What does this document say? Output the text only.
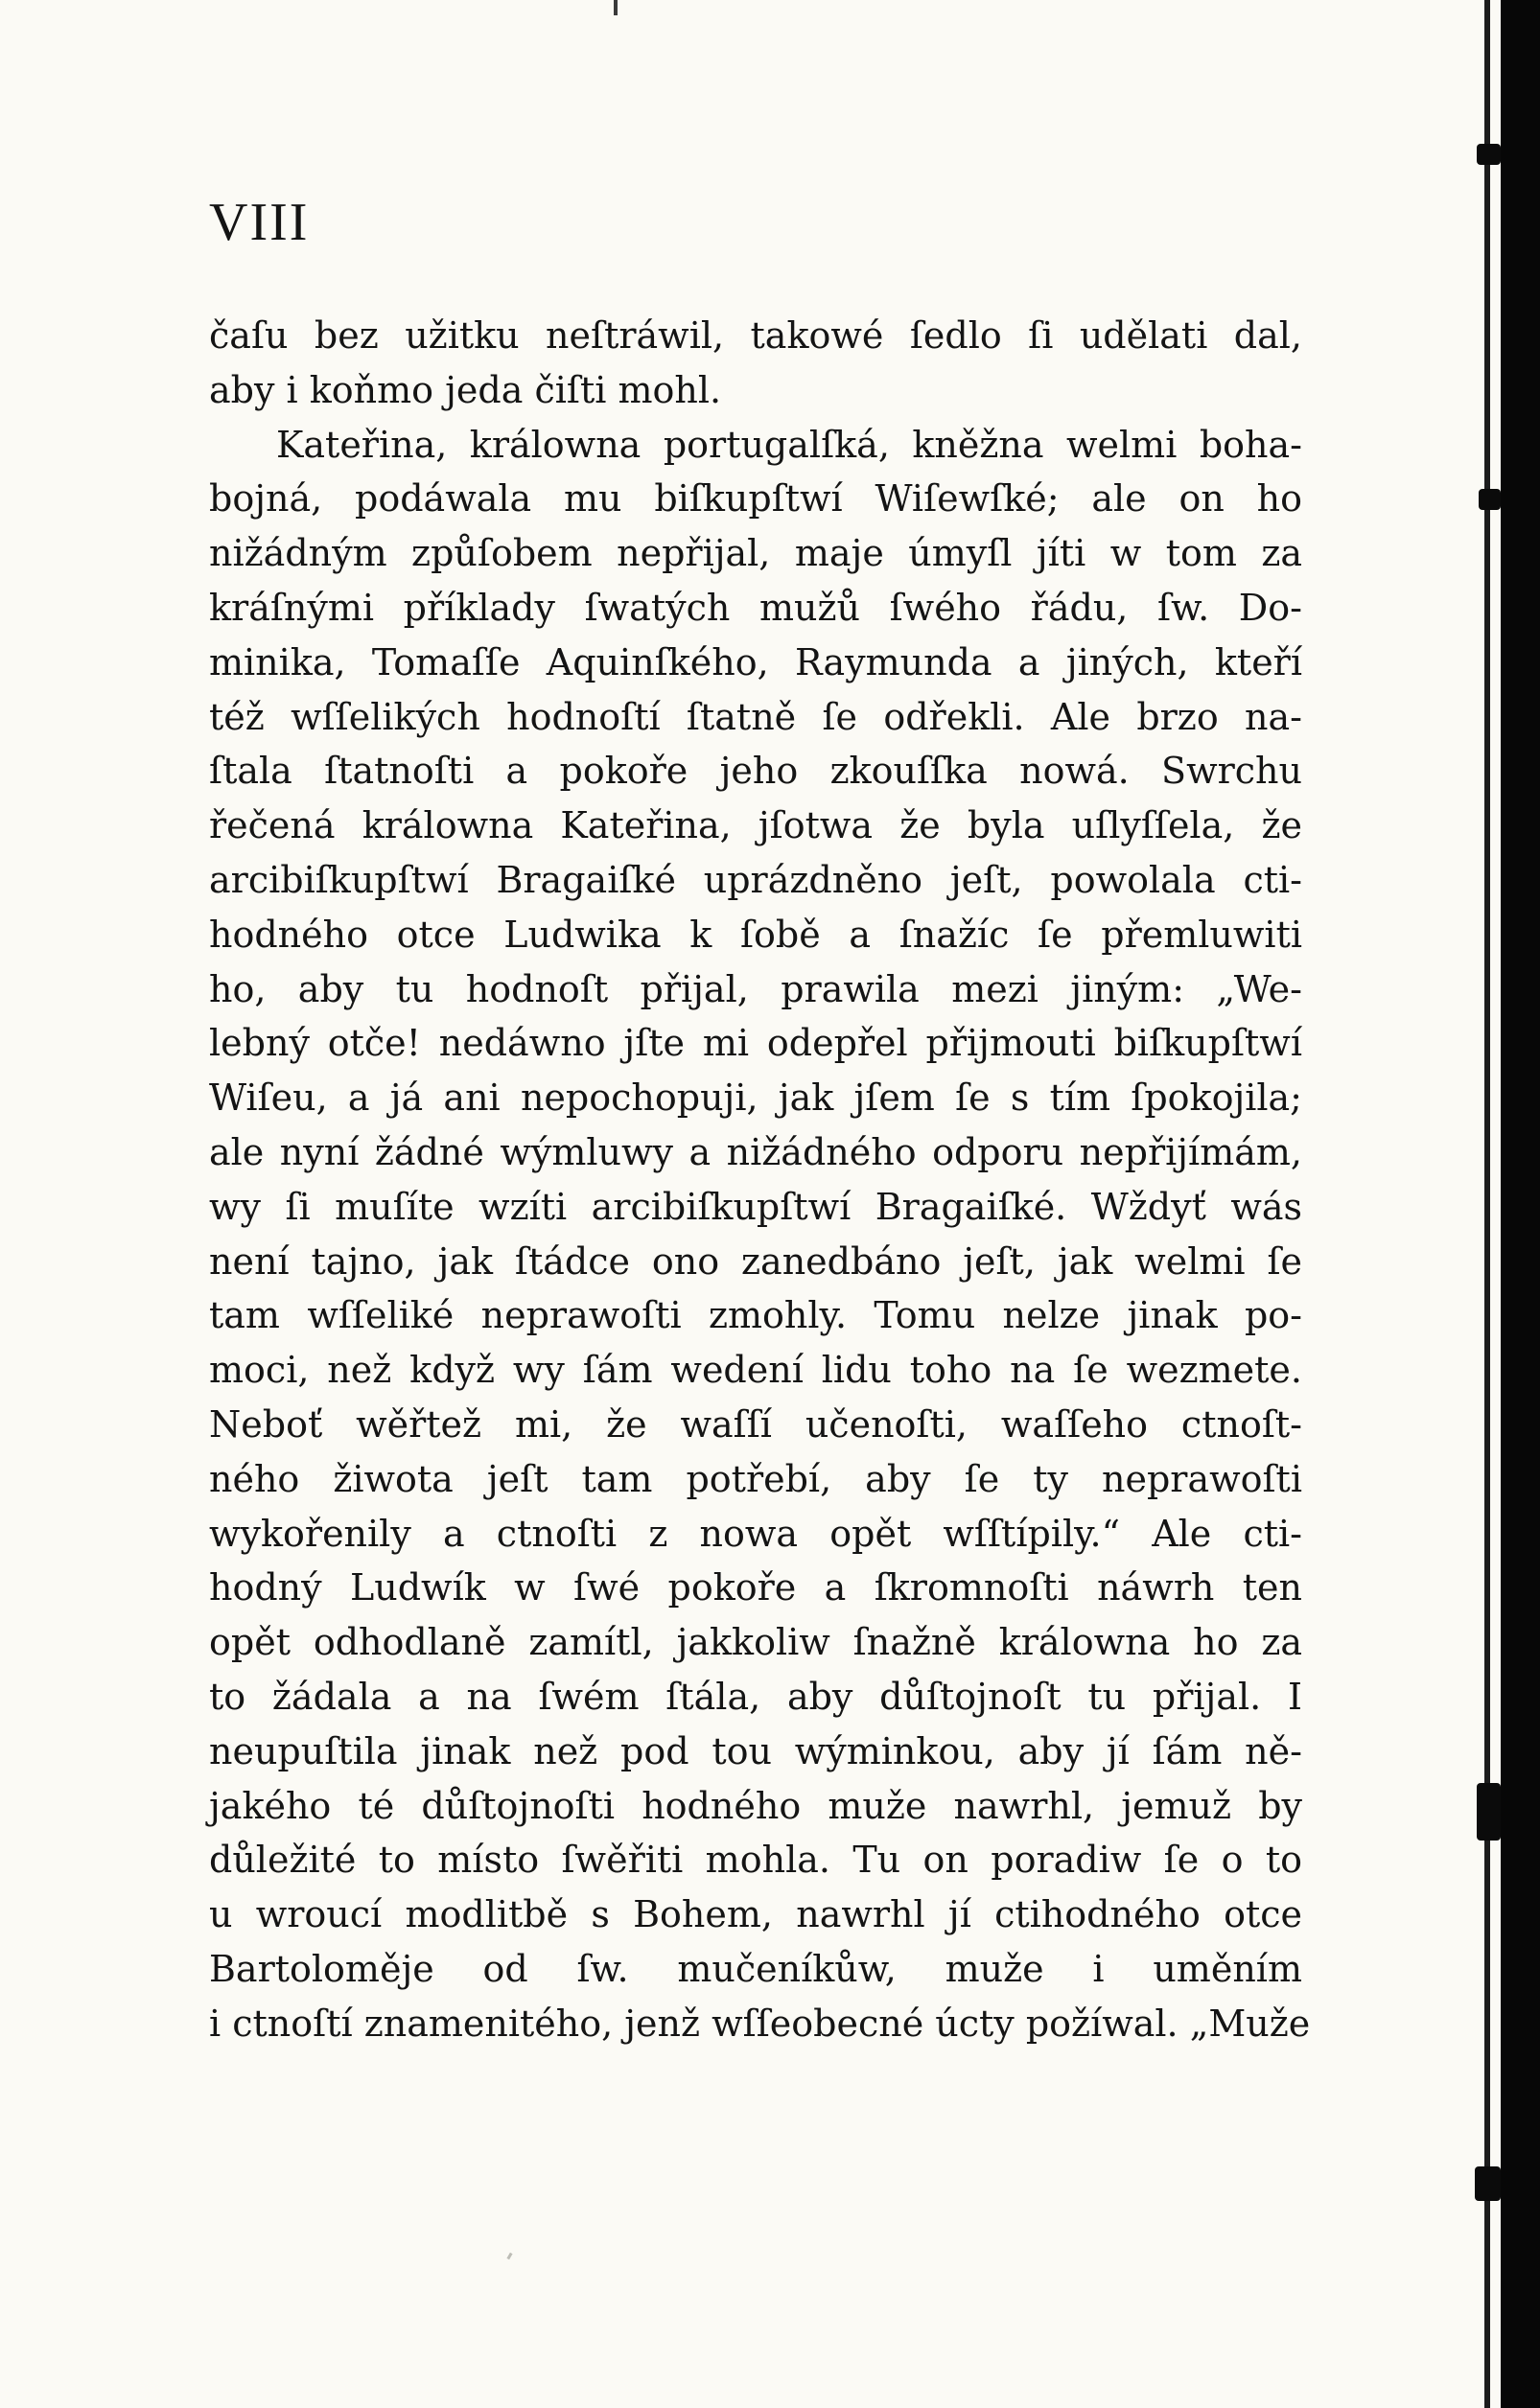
VIII
čaſu bez užitku neſtráwil, takowé ſedlo ſi udělati dal,
aby i koňmo jeda čiſti mohl.
Kateřina, králowna portugalſká, kněžna welmi boha-
bojná, podáwala mu biſkupſtwí Wiſewſké; ale on ho
nižádným způſobem nepřijal, maje úmyſl jíti w tom za
kráſnými příklady ſwatých mužů ſwého řádu, ſw. Do-
minika, Tomaſſe Aquinſkého, Raymunda a jiných, kteří
též wſſelikých hodnoſtí ſtatně ſe odřekli. Ale brzo na-
ſtala ſtatnoſti a pokoře jeho zkouſſka nowá. Swrchu
řečená králowna Kateřina, jſotwa že byla uſlyſſela, že
arcibiſkupſtwí Bragaiſké uprázdněno jeſt, powolala cti-
hodného otce Ludwika k ſobě a ſnažíc ſe přemluwiti
ho, aby tu hodnoſt přijal, prawila mezi jiným: „We-
lebný otče! nedáwno jſte mi odepřel přijmouti biſkupſtwí
Wiſeu, a já ani nepochopuji, jak jſem ſe s tím ſpokojila;
ale nyní žádné wýmluwy a nižádného odporu nepřijímám,
wy ſi muſíte wzíti arcibiſkupſtwí Bragaiſké. Wždyť wás
není tajno, jak ſtádce ono zanedbáno jeſt, jak welmi ſe
tam wſſeliké neprawoſti zmohly. Tomu nelze jinak po-
moci, než když wy ſám wedení lidu toho na ſe wezmete.
Neboť wěřtež mi, že waſſí učenoſti, waſſeho ctnoſt-
ného žiwota jeſt tam potřebí, aby ſe ty neprawoſti
wykořenily a ctnoſti z nowa opět wſſtípily.“ Ale cti-
hodný Ludwík w ſwé pokoře a ſkromnoſti náwrh ten
opět odhodlaně zamítl, jakkoliw ſnažně králowna ho za
to žádala a na ſwém ſtála, aby důſtojnoſt tu přijal. I
neupuſtila jinak než pod tou wýminkou, aby jí ſám ně-
jakého té důſtojnoſti hodného muže nawrhl, jemuž by
důležité to místo ſwěřiti mohla. Tu on poradiw ſe o to
u wroucí modlitbě s Bohem, nawrhl jí ctihodného otce
Bartoloměje od ſw. mučeníkůw, muže i uměním
i ctnoſtí znamenitého, jenž wſſeobecné úcty požíwal. „Muže
